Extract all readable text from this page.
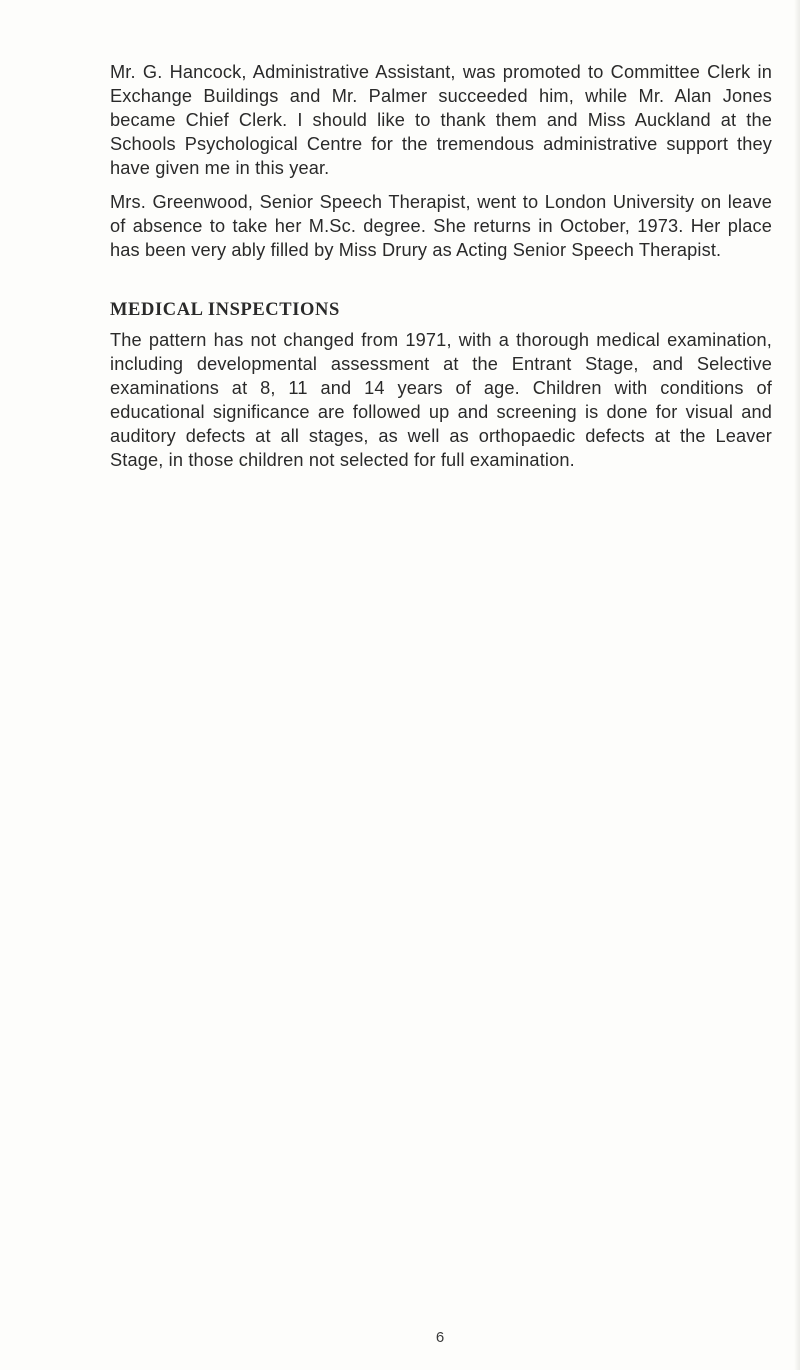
Mr. G. Hancock, Administrative Assistant, was promoted to Committee Clerk in Exchange Buildings and Mr. Palmer succeeded him, while Mr. Alan Jones became Chief Clerk. I should like to thank them and Miss Auckland at the Schools Psychological Centre for the tremendous administrative support they have given me in this year.

Mrs. Greenwood, Senior Speech Therapist, went to London University on leave of absence to take her M.Sc. degree. She returns in October, 1973. Her place has been very ably filled by Miss Drury as Acting Senior Speech Therapist.

MEDICAL INSPECTIONS

The pattern has not changed from 1971, with a thorough medical examination, including developmental assessment at the Entrant Stage, and Selective examinations at 8, 11 and 14 years of age. Children with conditions of educational significance are followed up and screening is done for visual and auditory defects at all stages, as well as orthopaedic defects at the Leaver Stage, in those children not selected for full examination.

6
